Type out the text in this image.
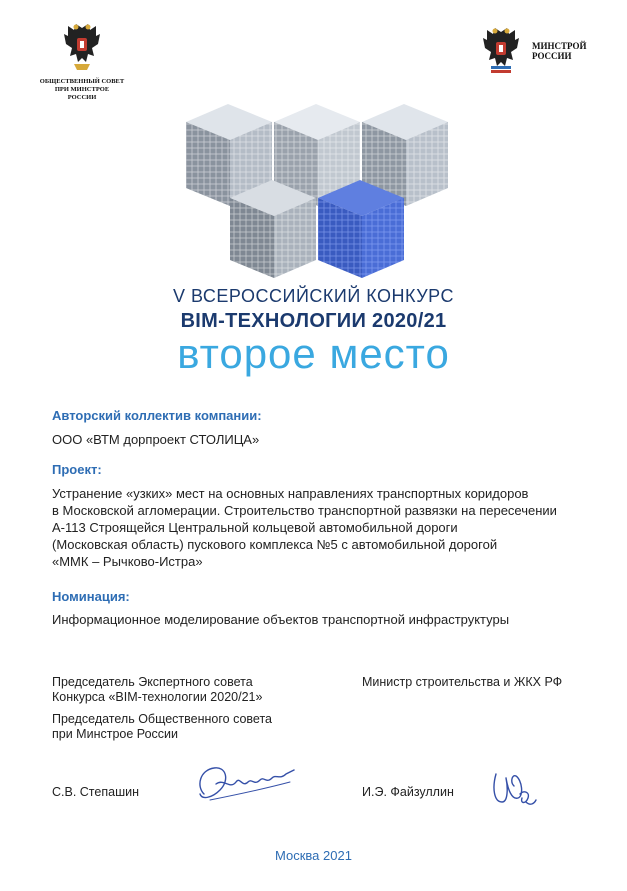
ОБЩЕСТВЕННЫЙ СОВЕТ
ПРИ МИНСТРОЕ
РОССИИ
МИНСТРОЙ
РОССИИ
V ВСЕРОССИЙСКИЙ КОНКУРС
BIM-ТЕХНОЛОГИИ 2020/21
второе место
Авторский коллектив компании:
ООО «ВТМ дорпроект СТОЛИЦА»
Проект:
Устранение «узких» мест на основных направлениях транспортных коридоров
в Московской агломерации. Строительство транспортной развязки на пересечении
А-113 Строящейся Центральной кольцевой автомобильной дороги
(Московская область) пускового комплекса №5 с автомобильной дорогой
«ММК – Рычково-Истра»
Номинация:
Информационное моделирование объектов транспортной инфраструктуры
Председатель Экспертного совета
Конкурса «BIM-технологии 2020/21»
Председатель Общественного совета
при Минстрое России
Министр строительства и ЖКХ РФ
С.В. Степашин	И.Э. Файзуллин
Москва 2021
